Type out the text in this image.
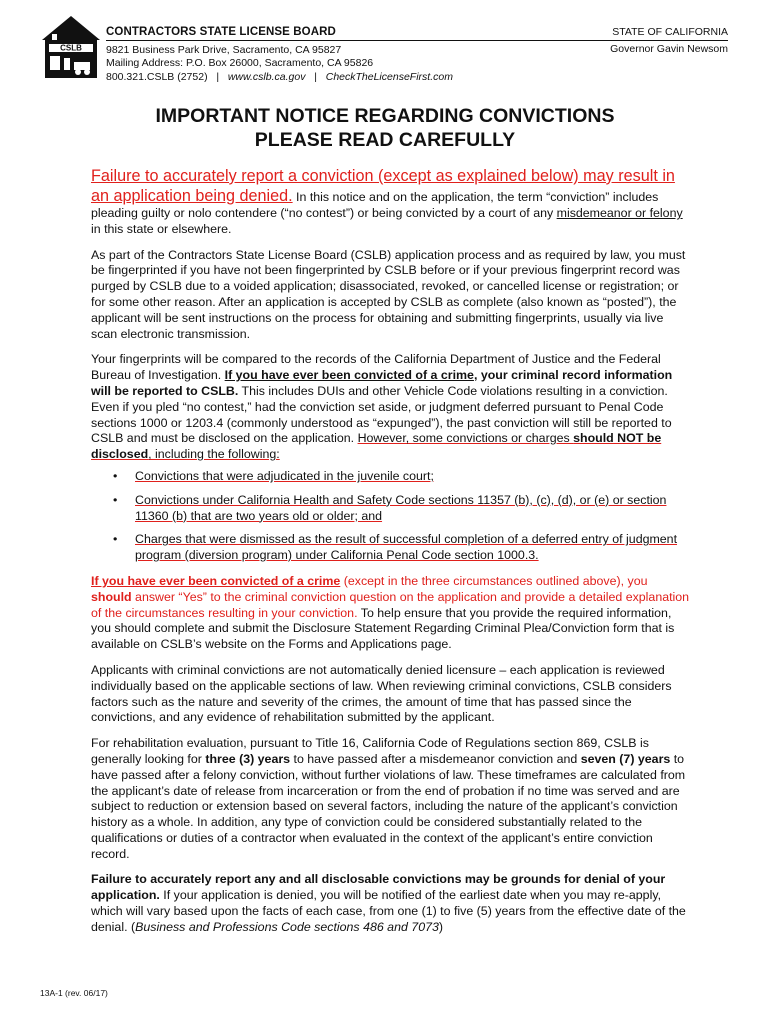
CSLB
CONTRACTORS STATE LICENSE BOARD
9821 Business Park Drive, Sacramento, CA 95827
Mailing Address: P.O. Box 26000, Sacramento, CA 95826
800.321.CSLB (2752) | www.cslb.ca.gov | CheckTheLicenseFirst.com
STATE OF CALIFORNIA
Governor Gavin Newsom
IMPORTANT NOTICE REGARDING CONVICTIONS
PLEASE READ CAREFULLY

Failure to accurately report a conviction (except as explained below) may result in an application being denied. In this notice and on the application, the term “conviction” includes pleading guilty or nolo contendere (“no contest”) or being convicted by a court of any misdemeanor or felony in this state or elsewhere.

As part of the Contractors State License Board (CSLB) application process and as required by law, you must be fingerprinted if you have not been fingerprinted by CSLB before or if your previous fingerprint record was purged by CSLB due to a voided application; disassociated, revoked, or cancelled license or registration; or for some other reason. After an application is accepted by CSLB as complete (also known as “posted”), the applicant will be sent instructions on the process for obtaining and submitting fingerprints, usually via live scan electronic transmission.

Your fingerprints will be compared to the records of the California Department of Justice and the Federal Bureau of Investigation. If you have ever been convicted of a crime, your criminal record information will be reported to CSLB. This includes DUIs and other Vehicle Code violations resulting in a conviction. Even if you pled “no contest,” had the conviction set aside, or judgment deferred pursuant to Penal Code sections 1000 or 1203.4 (commonly understood as “expunged”), the past conviction will still be reported to CSLB and must be disclosed on the application. However, some convictions or charges should NOT be disclosed, including the following:

• Convictions that were adjudicated in the juvenile court;
• Convictions under California Health and Safety Code sections 11357 (b), (c), (d), or (e) or section 11360 (b) that are two years old or older; and
• Charges that were dismissed as the result of successful completion of a deferred entry of judgment program (diversion program) under California Penal Code section 1000.3.

If you have ever been convicted of a crime (except in the three circumstances outlined above), you should answer “Yes” to the criminal conviction question on the application and provide a detailed explanation of the circumstances resulting in your conviction. To help ensure that you provide the required information, you should complete and submit the Disclosure Statement Regarding Criminal Plea/Conviction form that is available on CSLB’s website on the Forms and Applications page.

Applicants with criminal convictions are not automatically denied licensure – each application is reviewed individually based on the applicable sections of law. When reviewing criminal convictions, CSLB considers factors such as the nature and severity of the crimes, the amount of time that has passed since the convictions, and any evidence of rehabilitation submitted by the applicant.

For rehabilitation evaluation, pursuant to Title 16, California Code of Regulations section 869, CSLB is generally looking for three (3) years to have passed after a misdemeanor conviction and seven (7) years to have passed after a felony conviction, without further violations of law. These timeframes are calculated from the applicant’s date of release from incarceration or from the end of probation if no time was served and are subject to reduction or extension based on several factors, including the nature of the applicant’s conviction history as a whole. In addition, any type of conviction could be considered substantially related to the qualifications or duties of a contractor when evaluated in the context of the applicant’s entire conviction record.

Failure to accurately report any and all disclosable convictions may be grounds for denial of your application. If your application is denied, you will be notified of the earliest date when you may re-apply, which will vary based upon the facts of each case, from one (1) to five (5) years from the effective date of the denial. (Business and Professions Code sections 486 and 7073)

13A-1 (rev. 06/17)
